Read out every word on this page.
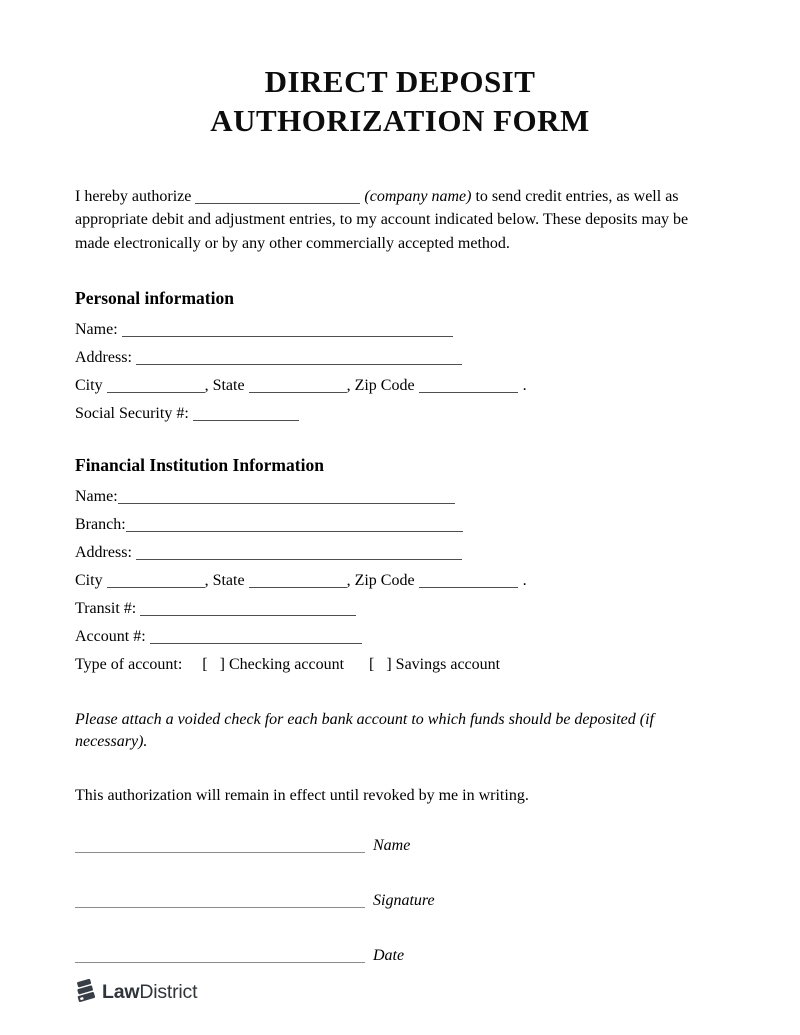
DIRECT DEPOSIT
AUTHORIZATION FORM

I hereby authorize	(company name) to send credit entries, as well as appropriate debit and adjustment entries, to my account indicated below. These deposits may be made electronically or by any other commercially accepted method.

Personal information

Name:

Address:

City	, State	, Zip Code	.

Social Security #:

Financial Institution Information

Name:

Branch:

Address:

City	, State	, Zip Code	.

Transit #:

Account #:

Type of account: [   ] Checking account [   ] Savings account

Please attach a voided check for each bank account to which funds should be deposited (if necessary).

This authorization will remain in effect until revoked by me in writing.

Name

Signature

Date

LawDistrict
